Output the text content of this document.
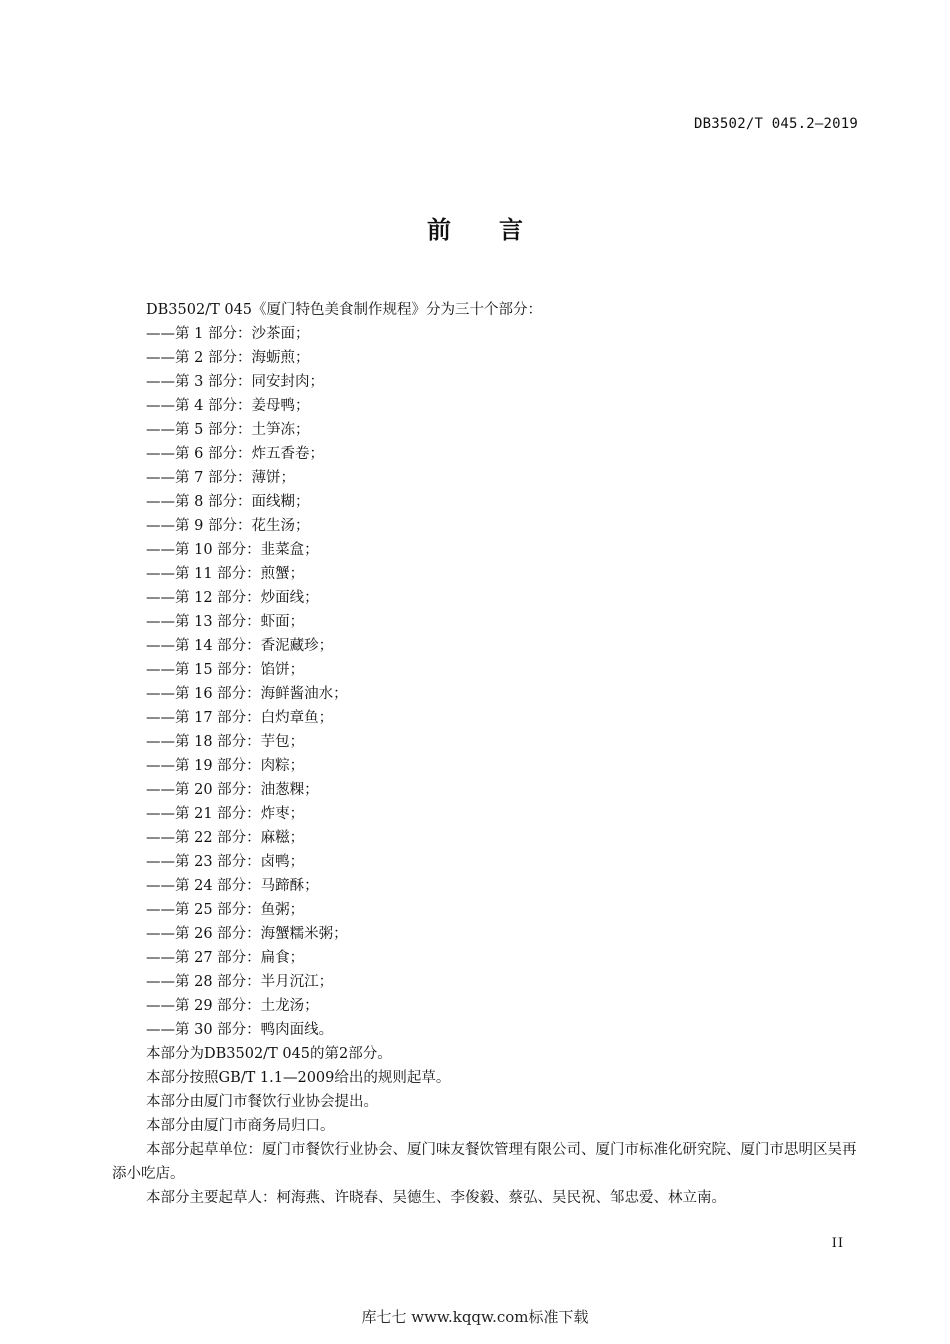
DB3502/T 045.2—2019
前言

DB3502/T 045《厦门特色美食制作规程》分为三十个部分：

——第 1 部分：沙茶面；
——第 2 部分：海蛎煎；
——第 3 部分：同安封肉；
——第 4 部分：姜母鸭；
——第 5 部分：土笋冻；
——第 6 部分：炸五香卷；
——第 7 部分：薄饼；
——第 8 部分：面线糊；
——第 9 部分：花生汤；
——第 10 部分：韭菜盒；
——第 11 部分：煎蟹；
——第 12 部分：炒面线；
——第 13 部分：虾面；
——第 14 部分：香泥藏珍；
——第 15 部分：馅饼；
——第 16 部分：海鲜酱油水；
——第 17 部分：白灼章鱼；
——第 18 部分：芋包；
——第 19 部分：肉粽；
——第 20 部分：油葱粿；
——第 21 部分：炸枣；
——第 22 部分：麻糍；
——第 23 部分：卤鸭；
——第 24 部分：马蹄酥；
——第 25 部分：鱼粥；
——第 26 部分：海蟹糯米粥；
——第 27 部分：扁食；
——第 28 部分：半月沉江；
——第 29 部分：土龙汤；
——第 30 部分：鸭肉面线。

本部分为DB3502/T 045的第2部分。

本部分按照GB/T 1.1—2009给出的规则起草。

本部分由厦门市餐饮行业协会提出。

本部分由厦门市商务局归口。

本部分起草单位：厦门市餐饮行业协会、厦门味友餐饮管理有限公司、厦门市标准化研究院、厦门市思明区吴再添小吃店。

本部分主要起草人：柯海燕、许晓春、吴德生、李俊毅、蔡弘、吴民祝、邹忠爱、林立南。

II
库七七 www.kqqw.com标准下载
